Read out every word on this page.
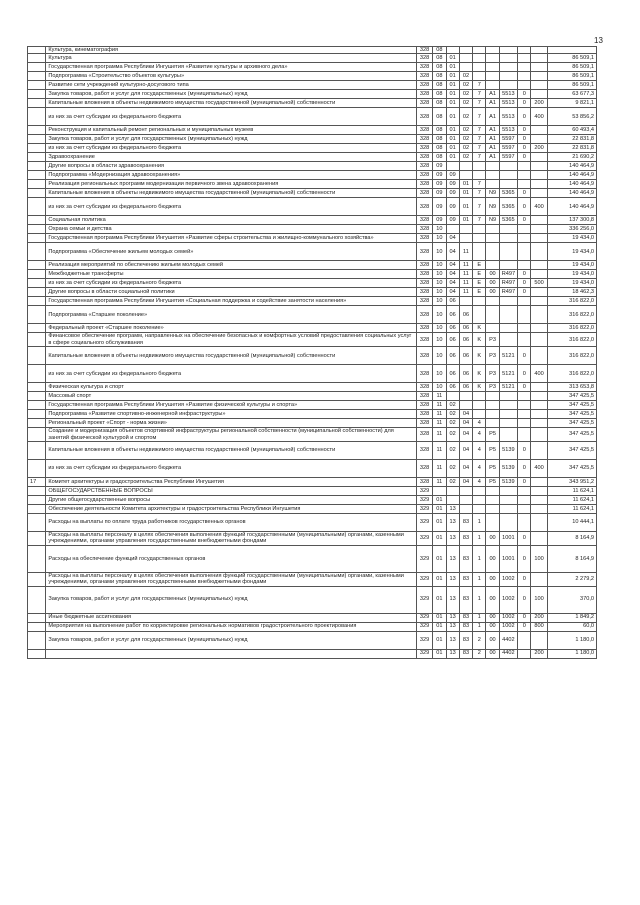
13
	Культура, кинематография	328	08								
	Культура	328	08	01							86 509,1
	Государственная программа Республики Ингушетия «Развитие культуры и архивного дела»	328	08	01							86 509,1
	Подпрограмма «Строительство объектов культуры»	328	08	01	02						86 509,1
	Развитие сети учреждений культурно-досугового типа	328	08	01	02	7					86 509,1
	Закупка товаров, работ и услуг для государственных (муниципальных) нужд	328	08	01	02	7	A1	5513	0		63 677,3
	Капитальные вложения в объекты недвижимого имущества государственной (муниципальной) собственности	328	08	01	02	7	A1	5513	0	200	9 821,1
	из них за счет субсидии из федерального бюджета	328	08	01	02	7	A1	5513	0	400	53 856,2
	Реконструкция и капитальный ремонт региональных и муниципальных музеев	328	08	01	02	7	A1	5513	0		60 493,4
	Закупка товаров, работ и услуг для государственных (муниципальных) нужд	328	08	01	02	7	A1	5597	0		22 831,8
	из них за счет субсидии из федерального бюджета	328	08	01	02	7	A1	5597	0	200	22 831,8
	Здравоохранение	328	08	01	02	7	A1	5597	0		21 690,2
	Другие вопросы в области здравоохранения	328	09								140 464,9
	Подпрограмма «Модернизация здравоохранения»	328	09	09							140 464,9
	Реализация региональных программ модернизации первичного звена здравоохранения	328	09	09	01	7					140 464,9
	Капитальные вложения в объекты недвижимого имущества государственной (муниципальной) собственности	328	09	09	01	7	N9	5365	0		140 464,9
	из них за счет субсидии из федерального бюджета	328	09	09	01	7	N9	5365	0	400	140 464,9
	Социальная политика	328	09	09	01	7	N9	5365	0		137 300,8
	Охрана семьи и детства	328	10								336 256,0
	Государственная программа Республики Ингушетия «Развитие сферы строительства и жилищно-коммунального хозяйства»	328	10	04							19 434,0
	Подпрограмма «Обеспечение жильем молодых семей»	328	10	04	11						19 434,0
	Реализация мероприятий по обеспечению жильем молодых семей	328	10	04	11	E					19 434,0
	Межбюджетные трансферты	328	10	04	11	E	00	R497	0		19 434,0
	из них за счет субсидии из федерального бюджета	328	10	04	11	E	00	R497	0	500	19 434,0
	Другие вопросы в области социальной политики	328	10	04	11	E	00	R497	0		18 462,3
	Государственная программа Республики Ингушетия «Социальная поддержка и содействие занятости населения»	328	10	06							316 822,0
	Подпрограмма «Старшее поколение»	328	10	06	06						316 822,0
	Федеральный проект «Старшее поколение»	328	10	06	06	K					316 822,0
	Финансовое обеспечение программ, направленных на обеспечение безопасных и комфортных условий предоставления социальных услуг в сфере социального обслуживания	328	10	06	06	K	P3				316 822,0
	Капитальные вложения в объекты недвижимого имущества государственной (муниципальной) собственности	328	10	06	06	K	P3	5121	0		316 822,0
	из них за счет субсидии из федерального бюджета	328	10	06	06	K	P3	5121	0	400	316 822,0
	Физическая культура и спорт	328	10	06	06	K	P3	5121	0		313 653,8
	Массовый спорт	328	11								347 425,5
	Государственная программа Республики Ингушетия «Развитие физической культуры и спорта»	328	11	02							347 425,5
	Подпрограмма «Развитие спортивно-инженерной инфраструктуры»	328	11	02	04						347 425,5
	Региональный проект «Спорт - норма жизни»	328	11	02	04	4					347 425,5
	Создание и модернизация объектов спортивной инфраструктуры региональной собственности (муниципальной собственности) для занятий физической культурой и спортом	328	11	02	04	4	P5				347 425,5
	Капитальные вложения в объекты недвижимого имущества государственной (муниципальной) собственности	328	11	02	04	4	P5	5139	0		347 425,5
	из них за счет субсидии из федерального бюджета	328	11	02	04	4	P5	5139	0	400	347 425,5
17	Комитет архитектуры и градостроительства Республики Ингушетия	328	11	02	04	4	P5	5139	0		343 951,2
	ОБЩЕГОСУДАРСТВЕННЫЕ ВОПРОСЫ	329									11 624,1
	Другие общегосударственные вопросы	329	01								11 624,1
	Обеспечение деятельности Комитета архитектуры и градостроительства Республики Ингушетия	329	01	13							11 624,1
	Расходы на выплаты по оплате труда работников государственных органов	329	01	13	83	1					10 444,1
	Расходы на выплаты персоналу в целях обеспечения выполнения функций государственными (муниципальными) органами, казенными учреждениями, органами управления государственными внебюджетными фондами	329	01	13	83	1	00	1001	0		8 164,9
	Расходы на обеспечение функций государственных органов	329	01	13	83	1	00	1001	0	100	8 164,9
	Расходы на выплаты персоналу в целях обеспечения выполнения функций государственными (муниципальными) органами, казенными учреждениями, органами управления государственными внебюджетными фондами	329	01	13	83	1	00	1002	0		2 279,2
	Закупка товаров, работ и услуг для государственных (муниципальных) нужд	329	01	13	83	1	00	1002	0	100	370,0
	Иные бюджетные ассигнования	329	01	13	83	1	00	1002	0	200	1 849,2
	Мероприятия на выполнение работ по корректировке региональных нормативов градостроительного проектирования	329	01	13	83	1	00	1002	0	800	60,0
	Закупка товаров, работ и услуг для государственных (муниципальных) нужд	329	01	13	83	2	00	4402			1 180,0
		329	01	13	83	2	00	4402		200	1 180,0
